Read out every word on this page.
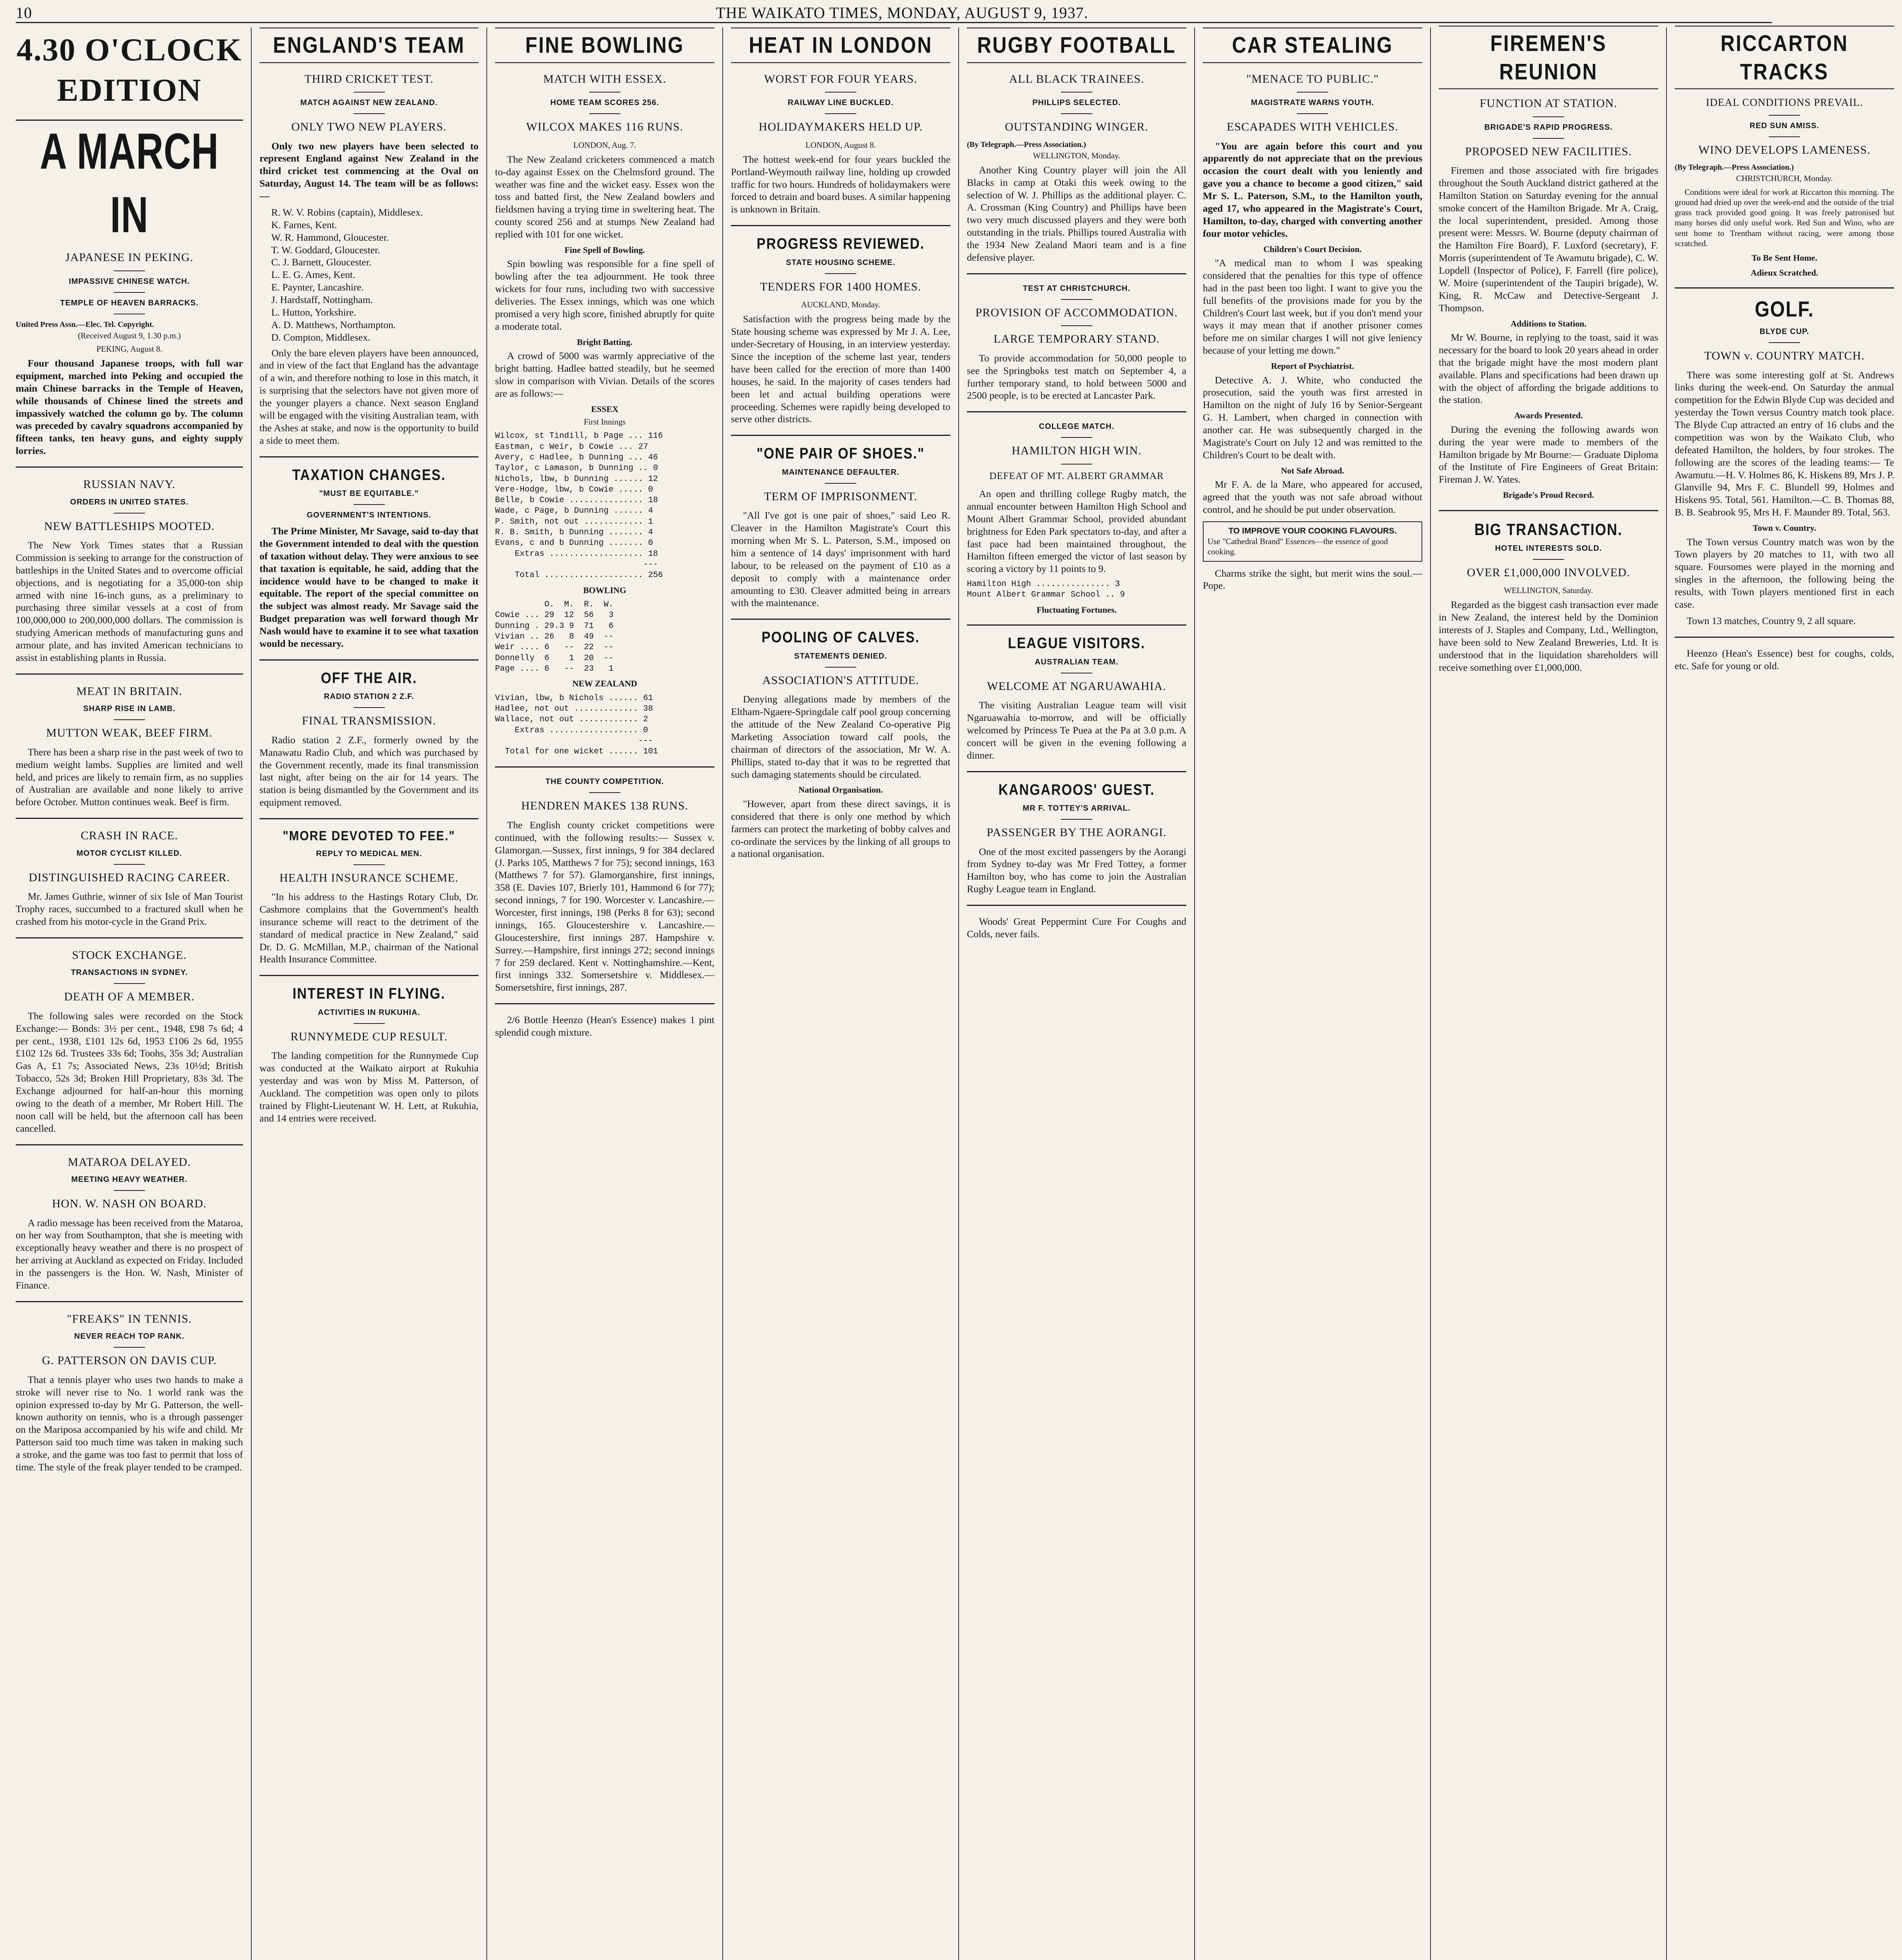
10	THE WAIKATO TIMES, MONDAY, AUGUST 9, 1937.
4.30 O'CLOCK EDITION
A MARCH IN
JAPANESE IN PEKING.
IMPASSIVE CHINESE WATCH.
TEMPLE OF HEAVEN BARRACKS.
United Press Assn.—Elec. Tel. Copyright.
(Received August 9, 1.30 p.m.)
PEKING, August 8.

Four thousand Japanese troops, with full war equipment, marched into Peking and occupied the main Chinese barracks in the Temple of Heaven, while thousands of Chinese lined the streets and impassively watched the column go by. The column was preceded by cavalry squadrons accompanied by fifteen tanks, ten heavy guns, and eighty supply lorries.

RUSSIAN NAVY.
ORDERS IN UNITED STATES.
NEW BATTLESHIPS MOOTED.

The New York Times states that a Russian Commission is seeking to arrange for the construction of battleships in the United States and to overcome official objections, and is negotiating for a 35,000-ton ship armed with nine 16-inch guns, as a preliminary to purchasing three similar vessels at a cost of from 100,000,000 to 200,000,000 dollars. The commission is studying American methods of manufacturing guns and armour plate, and has invited American technicians to assist in establishing plants in Russia.

MEAT IN BRITAIN.
SHARP RISE IN LAMB.
MUTTON WEAK, BEEF FIRM.

There has been a sharp rise in the past week of two to medium weight lambs. Supplies are limited and well held, and prices are likely to remain firm, as no supplies of Australian are available and none likely to arrive before October. Mutton continues weak. Beef is firm.

CRASH IN RACE.
MOTOR CYCLIST KILLED.
DISTINGUISHED RACING CAREER.

Mr. James Guthrie, winner of six Isle of Man Tourist Trophy races, succumbed to a fractured skull when he crashed from his motor-cycle in the Grand Prix.

STOCK EXCHANGE.
TRANSACTIONS IN SYDNEY.
DEATH OF A MEMBER.

The following sales were recorded on the Stock Exchange:— Bonds: 3½ per cent., 1948, £98 7s 6d; 4 per cent., 1938, £101 12s 6d, 1953 £106 2s 6d, 1955 £102 12s 6d. Trustees 33s 6d; Toohs, 35s 3d; Australian Gas A, £1 7s; Associated News, 23s 10½d; British Tobacco, 52s 3d; Broken Hill Proprietary, 83s 3d. The Exchange adjourned for half-an-hour this morning owing to the death of a member, Mr Robert Hill. The noon call will be held, but the afternoon call has been cancelled.

MATAROA DELAYED.
MEETING HEAVY WEATHER.
HON. W. NASH ON BOARD.

A radio message has been received from the Mataroa, on her way from Southampton, that she is meeting with exceptionally heavy weather and there is no prospect of her arriving at Auckland as expected on Friday. Included in the passengers is the Hon. W. Nash, Minister of Finance.

"FREAKS" IN TENNIS.
NEVER REACH TOP RANK.
G. PATTERSON ON DAVIS CUP.

That a tennis player who uses two hands to make a stroke will never rise to No. 1 world rank was the opinion expressed to-day by Mr G. Patterson, the well-known authority on tennis, who is a through passenger on the Mariposa accompanied by his wife and child. Mr Patterson said too much time was taken in making such a stroke, and the game was too fast to permit that loss of time. The style of the freak player tended to be cramped.

ENGLAND'S TEAM
THIRD CRICKET TEST.
MATCH AGAINST NEW ZEALAND.
ONLY TWO NEW PLAYERS.

Only two new players have been selected to represent England against New Zealand in the third cricket test commencing at the Oval on Saturday, August 14. The team will be as follows:—

R. W. V. Robins (captain), Middlesex.
K. Farnes, Kent.
W. R. Hammond, Gloucester.
T. W. Goddard, Gloucester.
C. J. Barnett, Gloucester.
L. E. G. Ames, Kent.
E. Paynter, Lancashire.
J. Hardstaff, Nottingham.
L. Hutton, Yorkshire.
A. D. Matthews, Northampton.
D. Compton, Middlesex.

Only the bare eleven players have been announced, and in view of the fact that England has the advantage of a win, and therefore nothing to lose in this match, it is surprising that the selectors have not given more of the younger players a chance. Next season England will be engaged with the visiting Australian team, with the Ashes at stake, and now is the opportunity to build a side to meet them.

TAXATION CHANGES.
"MUST BE EQUITABLE."
GOVERNMENT'S INTENTIONS.

The Prime Minister, Mr Savage, said to-day that the Government intended to deal with the question of taxation without delay. They were anxious to see that taxation is equitable, he said, adding that the incidence would have to be changed to make it equitable. The report of the special committee on the subject was almost ready. Mr Savage said the Budget preparation was well forward though Mr Nash would have to examine it to see what taxation would be necessary.

OFF THE AIR.
RADIO STATION 2 Z.F.
FINAL TRANSMISSION.

Radio station 2 Z.F., formerly owned by the Manawatu Radio Club, and which was purchased by the Government recently, made its final transmission last night, after being on the air for 14 years. The station is being dismantled by the Government and its equipment removed.

"MORE DEVOTED TO FEE."
REPLY TO MEDICAL MEN.
HEALTH INSURANCE SCHEME.

"In his address to the Hastings Rotary Club, Dr. Cashmore complains that the Government's health insurance scheme will react to the detriment of the standard of medical practice in New Zealand," said Dr. D. G. McMillan, M.P., chairman of the National Health Insurance Committee.

INTEREST IN FLYING.
ACTIVITIES IN RUKUHIA.
RUNNYMEDE CUP RESULT.

The landing competition for the Runnymede Cup was conducted at the Waikato airport at Rukuhia yesterday and was won by Miss M. Patterson, of Auckland. The competition was open only to pilots trained by Flight-Lieutenant W. H. Lett, at Rukuhia, and 14 entries were received.

FINE BOWLING
MATCH WITH ESSEX.
HOME TEAM SCORES 256.
WILCOX MAKES 116 RUNS.
LONDON, Aug. 7.

The New Zealand cricketers commenced a match to-day against Essex on the Chelmsford ground. The weather was fine and the wicket easy. Essex won the toss and batted first, the New Zealand bowlers and fieldsmen having a trying time in sweltering heat. The county scored 256 and at stumps New Zealand had replied with 101 for one wicket.

Fine Spell of Bowling.

Spin bowling was responsible for a fine spell of bowling after the tea adjournment. He took three wickets for four runs, including two with successive deliveries. The Essex innings, which was one which promised a very high score, finished abruptly for quite a moderate total.

Bright Batting.

A crowd of 5000 was warmly appreciative of the bright batting. Hadlee batted steadily, but he seemed slow in comparison with Vivian. Details of the scores are as follows:—

ESSEX
First Innings
Wilcox, st Tindill, b Page ... 116
Eastman, c Weir, b Cowie ... 27
Avery, c Hadlee, b Dunning ... 46
Taylor, c Lamason, b Dunning .. 0
Nichols, lbw, b Dunning ...... 12
Vere-Hodge, lbw, b Cowie ..... 0
Belle, b Cowie ............... 18
Wade, c Page, b Dunning ...... 4
P. Smith, not out ............ 1
R. B. Smith, b Dunning ....... 4
Evans, c and b Dunning ....... 0
Extras ................... 18
---
Total .................... 256
BOWLING
O.  M.  R.  W.
Cowie ... 29  12  56   3
Dunning . 29.3 9  71   6
Vivian .. 26   8  49  --
Weir .... 6   --  22  --
Donnelly  6    1  20  --
Page .... 6   --  23   1
NEW ZEALAND
Vivian, lbw, b Nichols ...... 61
Hadlee, not out ............. 38
Wallace, not out ............ 2
Extras .................. 0
---
Total for one wicket ...... 101
THE COUNTY COMPETITION.
HENDREN MAKES 138 RUNS.

The English county cricket competitions were continued, with the following results:— Sussex v. Glamorgan.—Sussex, first innings, 9 for 384 declared (J. Parks 105, Matthews 7 for 75); second innings, 163 (Matthews 7 for 57). Glamorganshire, first innings, 358 (E. Davies 107, Brierly 101, Hammond 6 for 77); second innings, 7 for 190. Worcester v. Lancashire.—Worcester, first innings, 198 (Perks 8 for 63); second innings, 165. Gloucestershire v. Lancashire.—Gloucestershire, first innings 287. Hampshire v. Surrey.—Hampshire, first innings 272; second innings 7 for 259 declared. Kent v. Nottinghamshire.—Kent, first innings 332. Somersetshire v. Middlesex.—Somersetshire, first innings, 287.

2/6 Bottle Heenzo (Hean's Essence) makes 1 pint splendid cough mixture.

HEAT IN LONDON
WORST FOR FOUR YEARS.
RAILWAY LINE BUCKLED.
HOLIDAYMAKERS HELD UP.
LONDON, August 8.

The hottest week-end for four years buckled the Portland-Weymouth railway line, holding up crowded traffic for two hours. Hundreds of holidaymakers were forced to detrain and board buses. A similar happening is unknown in Britain.

PROGRESS REVIEWED.
STATE HOUSING SCHEME.
TENDERS FOR 1400 HOMES.
AUCKLAND, Monday.

Satisfaction with the progress being made by the State housing scheme was expressed by Mr J. A. Lee, under-Secretary of Housing, in an interview yesterday. Since the inception of the scheme last year, tenders have been called for the erection of more than 1400 houses, he said. In the majority of cases tenders had been let and actual building operations were proceeding. Schemes were rapidly being developed to serve other districts.

"ONE PAIR OF SHOES."
MAINTENANCE DEFAULTER.
TERM OF IMPRISONMENT.

"All I've got is one pair of shoes," said Leo R. Cleaver in the Hamilton Magistrate's Court this morning when Mr S. L. Paterson, S.M., imposed on him a sentence of 14 days' imprisonment with hard labour, to be released on the payment of £10 as a deposit to comply with a maintenance order amounting to £30. Cleaver admitted being in arrears with the maintenance.

POOLING OF CALVES.
STATEMENTS DENIED.
ASSOCIATION'S ATTITUDE.

Denying allegations made by members of the Eltham-Ngaere-Springdale calf pool group concerning the attitude of the New Zealand Co-operative Pig Marketing Association toward calf pools, the chairman of directors of the association, Mr W. A. Phillips, stated to-day that it was to be regretted that such damaging statements should be circulated.

National Organisation.

"However, apart from these direct savings, it is considered that there is only one method by which farmers can protect the marketing of bobby calves and co-ordinate the services by the linking of all groups to a national organisation.

RUGBY FOOTBALL
ALL BLACK TRAINEES.
PHILLIPS SELECTED.
OUTSTANDING WINGER.
(By Telegraph.—Press Association.)
WELLINGTON, Monday.

Another King Country player will join the All Blacks in camp at Otaki this week owing to the selection of W. J. Phillips as the additional player. C. A. Crossman (King Country) and Phillips have been two very much discussed players and they were both outstanding in the trials. Phillips toured Australia with the 1934 New Zealand Maori team and is a fine defensive player.

TEST AT CHRISTCHURCH.
PROVISION OF ACCOMMODATION.
LARGE TEMPORARY STAND.

To provide accommodation for 50,000 people to see the Springboks test match on September 4, a further temporary stand, to hold between 5000 and 2500 people, is to be erected at Lancaster Park.

COLLEGE MATCH.
HAMILTON HIGH WIN.
DEFEAT OF MT. ALBERT GRAMMAR

An open and thrilling college Rugby match, the annual encounter between Hamilton High School and Mount Albert Grammar School, provided abundant brightness for Eden Park spectators to-day, and after a fast pace had been maintained throughout, the Hamilton fifteen emerged the victor of last season by scoring a victory by 11 points to 9.

Hamilton High ............... 3
Mount Albert Grammar School .. 9
Fluctuating Fortunes.
LEAGUE VISITORS.
AUSTRALIAN TEAM.
WELCOME AT NGARUAWAHIA.

The visiting Australian League team will visit Ngaruawahia to-morrow, and will be officially welcomed by Princess Te Puea at the Pa at 3.0 p.m. A concert will be given in the evening following a dinner.

KANGAROOS' GUEST.
MR F. TOTTEY'S ARRIVAL.
PASSENGER BY THE AORANGI.

One of the most excited passengers by the Aorangi from Sydney to-day was Mr Fred Tottey, a former Hamilton boy, who has come to join the Australian Rugby League team in England.

Woods' Great Peppermint Cure For Coughs and Colds, never fails.

CAR STEALING
"MENACE TO PUBLIC."
MAGISTRATE WARNS YOUTH.
ESCAPADES WITH VEHICLES.

"You are again before this court and you apparently do not appreciate that on the previous occasion the court dealt with you leniently and gave you a chance to become a good citizen," said Mr S. L. Paterson, S.M., to the Hamilton youth, aged 17, who appeared in the Magistrate's Court, Hamilton, to-day, charged with converting another four motor vehicles.

Children's Court Decision.

"A medical man to whom I was speaking considered that the penalties for this type of offence had in the past been too light. I want to give you the full benefits of the provisions made for you by the Children's Court last week, but if you don't mend your ways it may mean that if another prisoner comes before me on similar charges I will not give leniency because of your letting me down."

Report of Psychiatrist.

Detective A. J. White, who conducted the prosecution, said the youth was first arrested in Hamilton on the night of July 16 by Senior-Sergeant G. H. Lambert, when charged in connection with another car. He was subsequently charged in the Magistrate's Court on July 12 and was remitted to the Children's Court to be dealt with.

Not Safe Abroad.

Mr F. A. de la Mare, who appeared for accused, agreed that the youth was not safe abroad without control, and he should be put under observation.

TO IMPROVE YOUR COOKING FLAVOURS.
Use "Cathedral Brand" Essences—the essence of good cooking.

Charms strike the sight, but merit wins the soul.—Pope.

FIREMEN'S REUNION
FUNCTION AT STATION.
BRIGADE'S RAPID PROGRESS.
PROPOSED NEW FACILITIES.

Firemen and those associated with fire brigades throughout the South Auckland district gathered at the Hamilton Station on Saturday evening for the annual smoke concert of the Hamilton Brigade. Mr A. Craig, the local superintendent, presided. Among those present were: Messrs. W. Bourne (deputy chairman of the Hamilton Fire Board), F. Luxford (secretary), F. Morris (superintendent of Te Awamutu brigade), C. W. Lopdell (Inspector of Police), F. Farrell (fire police), W. Moire (superintendent of the Taupiri brigade), W. King, R. McCaw and Detective-Sergeant J. Thompson.

Additions to Station.

Mr W. Bourne, in replying to the toast, said it was necessary for the board to look 20 years ahead in order that the brigade might have the most modern plant available. Plans and specifications had been drawn up with the object of affording the brigade additions to the station.

Awards Presented.

During the evening the following awards won during the year were made to members of the Hamilton brigade by Mr Bourne:— Graduate Diploma of the Institute of Fire Engineers of Great Britain: Fireman J. W. Yates.

Brigade's Proud Record.
BIG TRANSACTION.
HOTEL INTERESTS SOLD.
OVER £1,000,000 INVOLVED.
WELLINGTON, Saturday.

Regarded as the biggest cash transaction ever made in New Zealand, the interest held by the Dominion interests of J. Staples and Company, Ltd., Wellington, have been sold to New Zealand Breweries, Ltd. It is understood that in the liquidation shareholders will receive something over £1,000,000.

RICCARTON TRACKS
IDEAL CONDITIONS PREVAIL.
RED SUN AMISS.
WINO DEVELOPS LAMENESS.
(By Telegraph.—Press Association.)
CHRISTCHURCH, Monday.

Conditions were ideal for work at Riccarton this morning. The ground had dried up over the week-end and the outside of the trial grass track provided good going. It was freely patronised but many horses did only useful work. Red Sun and Wino, who are sent home to Trentham without racing, were among those scratched.

To Be Sent Home.
Adieux Scratched.
GOLF.
BLYDE CUP.
TOWN v. COUNTRY MATCH.

There was some interesting golf at St. Andrews links during the week-end. On Saturday the annual competition for the Edwin Blyde Cup was decided and yesterday the Town versus Country match took place. The Blyde Cup attracted an entry of 16 clubs and the competition was won by the Waikato Club, who defeated Hamilton, the holders, by four strokes. The following are the scores of the leading teams:— Te Awamutu.—H. V. Holmes 86, K. Hiskens 89, Mrs J. P. Glanville 94, Mrs F. C. Blundell 99, Holmes and Hiskens 95. Total, 561. Hamilton.—C. B. Thomas 88, B. B. Seabrook 95, Mrs H. F. Maunder 89. Total, 563.

Town v. Country.

The Town versus Country match was won by the Town players by 20 matches to 11, with two all square. Foursomes were played in the morning and singles in the afternoon, the following being the results, with Town players mentioned first in each case.

Town 13 matches, Country 9, 2 all square.

Heenzo (Hean's Essence) best for coughs, colds, etc. Safe for young or old.
